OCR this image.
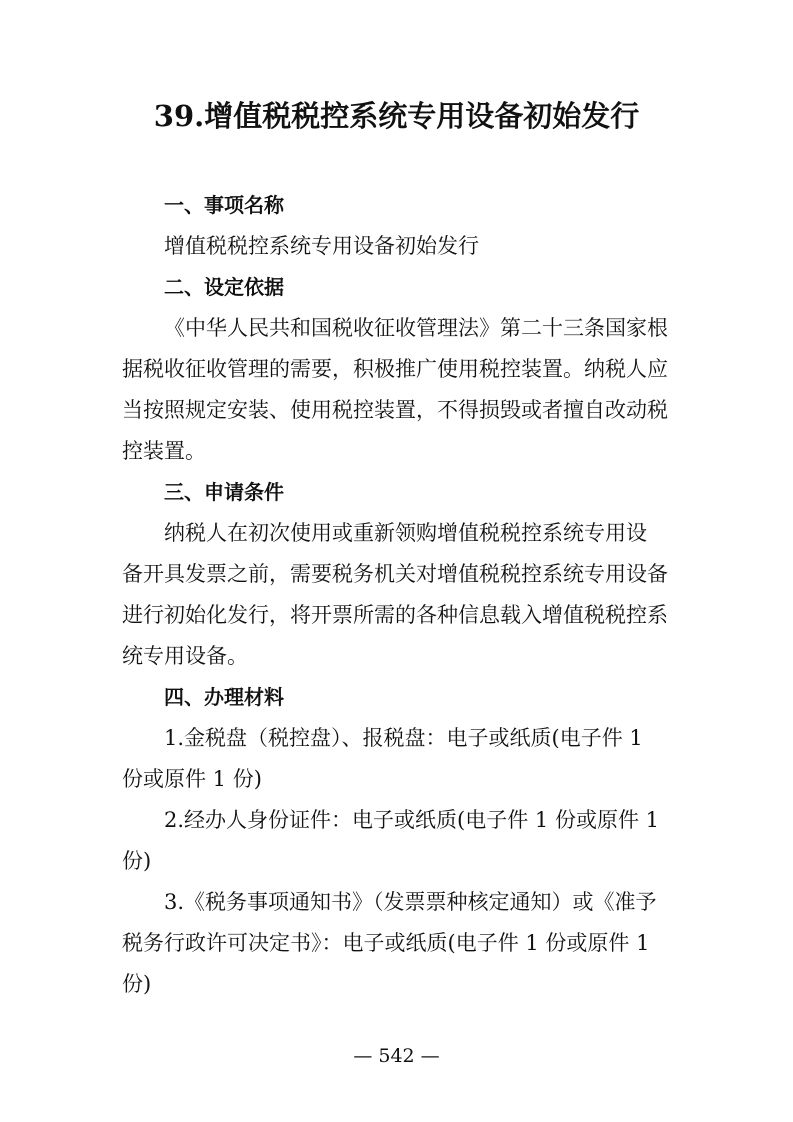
39.增值税税控系统专用设备初始发行
一、事项名称
增值税税控系统专用设备初始发行
二、设定依据
《中华人民共和国税收征收管理法》第二十三条国家根
据税收征收管理的需要，积极推广使用税控装置。纳税人应
当按照规定安装、使用税控装置，不得损毁或者擅自改动税
控装置。
三、申请条件
纳税人在初次使用或重新领购增值税税控系统专用设
备开具发票之前，需要税务机关对增值税税控系统专用设备
进行初始化发行，将开票所需的各种信息载入增值税税控系
统专用设备。
四、办理材料
1.金税盘（税控盘）、报税盘：电子或纸质(电子件 1
份或原件 1 份)
2.经办人身份证件：电子或纸质(电子件 1 份或原件 1
份)
3.《税务事项通知书》（发票票种核定通知）或《准予
税务行政许可决定书》：电子或纸质(电子件 1 份或原件 1
份)
— 542 —
